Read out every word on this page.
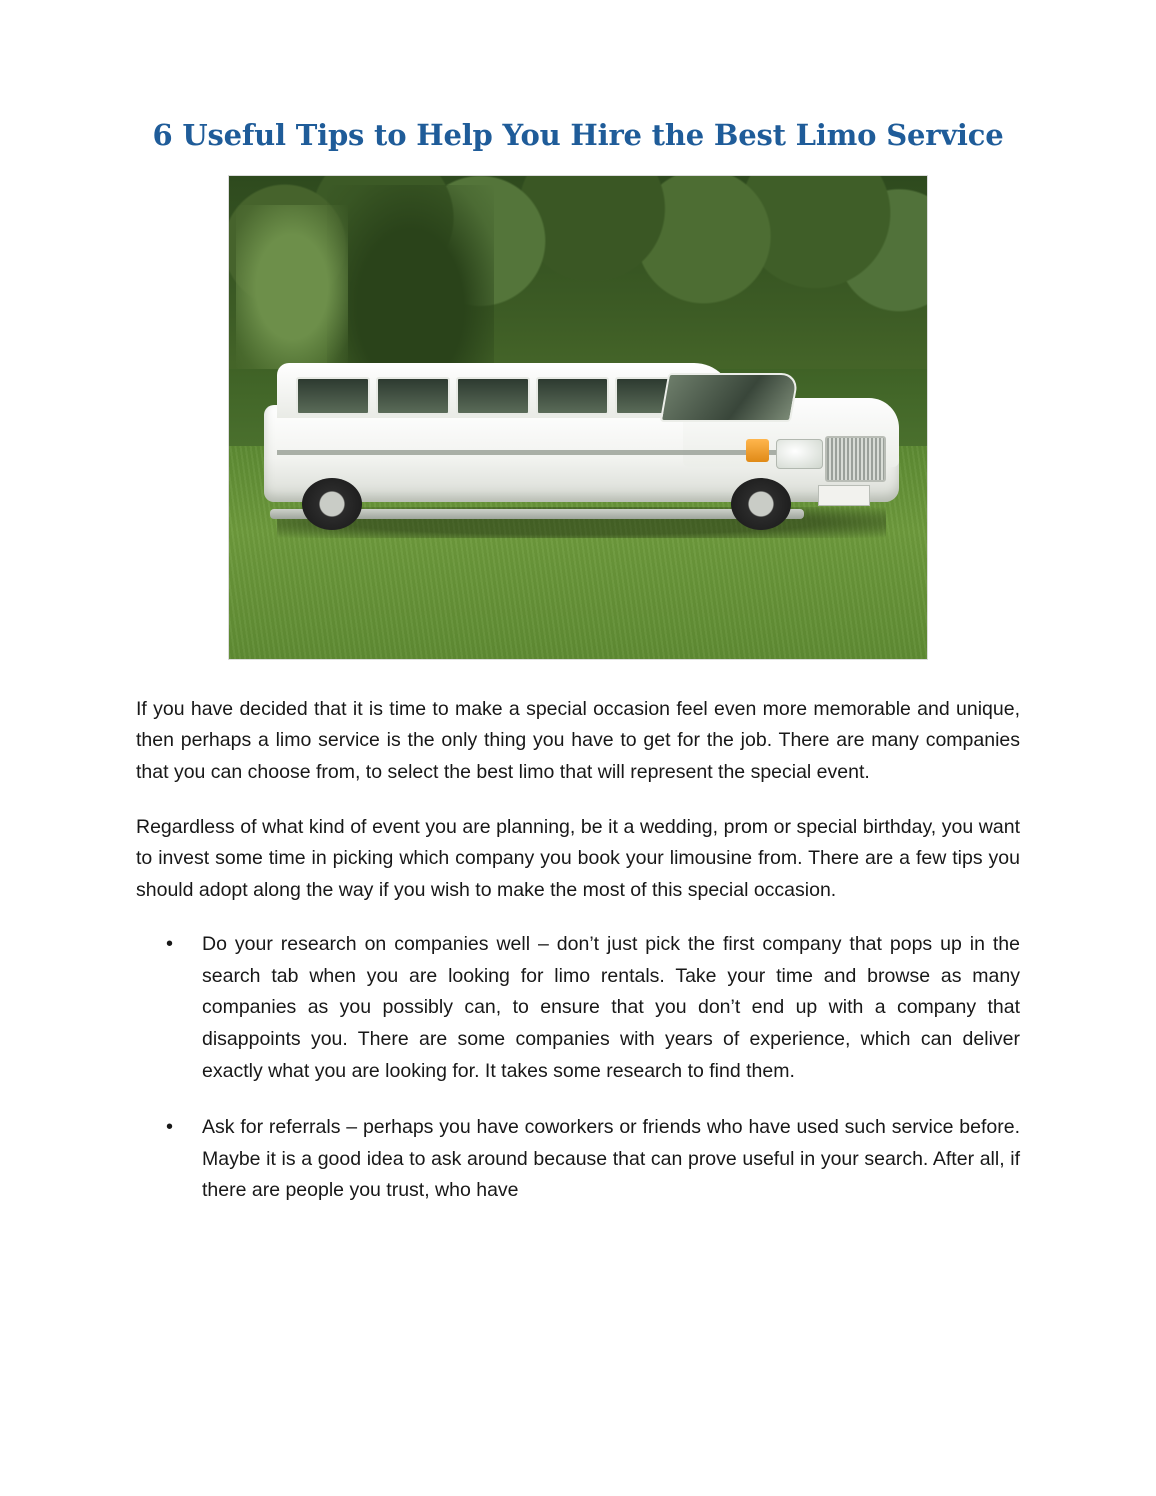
6 Useful Tips to Help You Hire the Best Limo Service

If you have decided that it is time to make a special occasion feel even more memorable and unique, then perhaps a limo service is the only thing you have to get for the job. There are many companies that you can choose from, to select the best limo that will represent the special event.

Regardless of what kind of event you are planning, be it a wedding, prom or special birthday, you want to invest some time in picking which company you book your limousine from. There are a few tips you should adopt along the way if you wish to make the most of this special occasion.

• Do your research on companies well – don’t just pick the first company that pops up in the search tab when you are looking for limo rentals. Take your time and browse as many companies as you possibly can, to ensure that you don’t end up with a company that disappoints you. There are some companies with years of experience, which can deliver exactly what you are looking for. It takes some research to find them.
• Ask for referrals – perhaps you have coworkers or friends who have used such service before. Maybe it is a good idea to ask around because that can prove useful in your search. After all, if there are people you trust, who have
